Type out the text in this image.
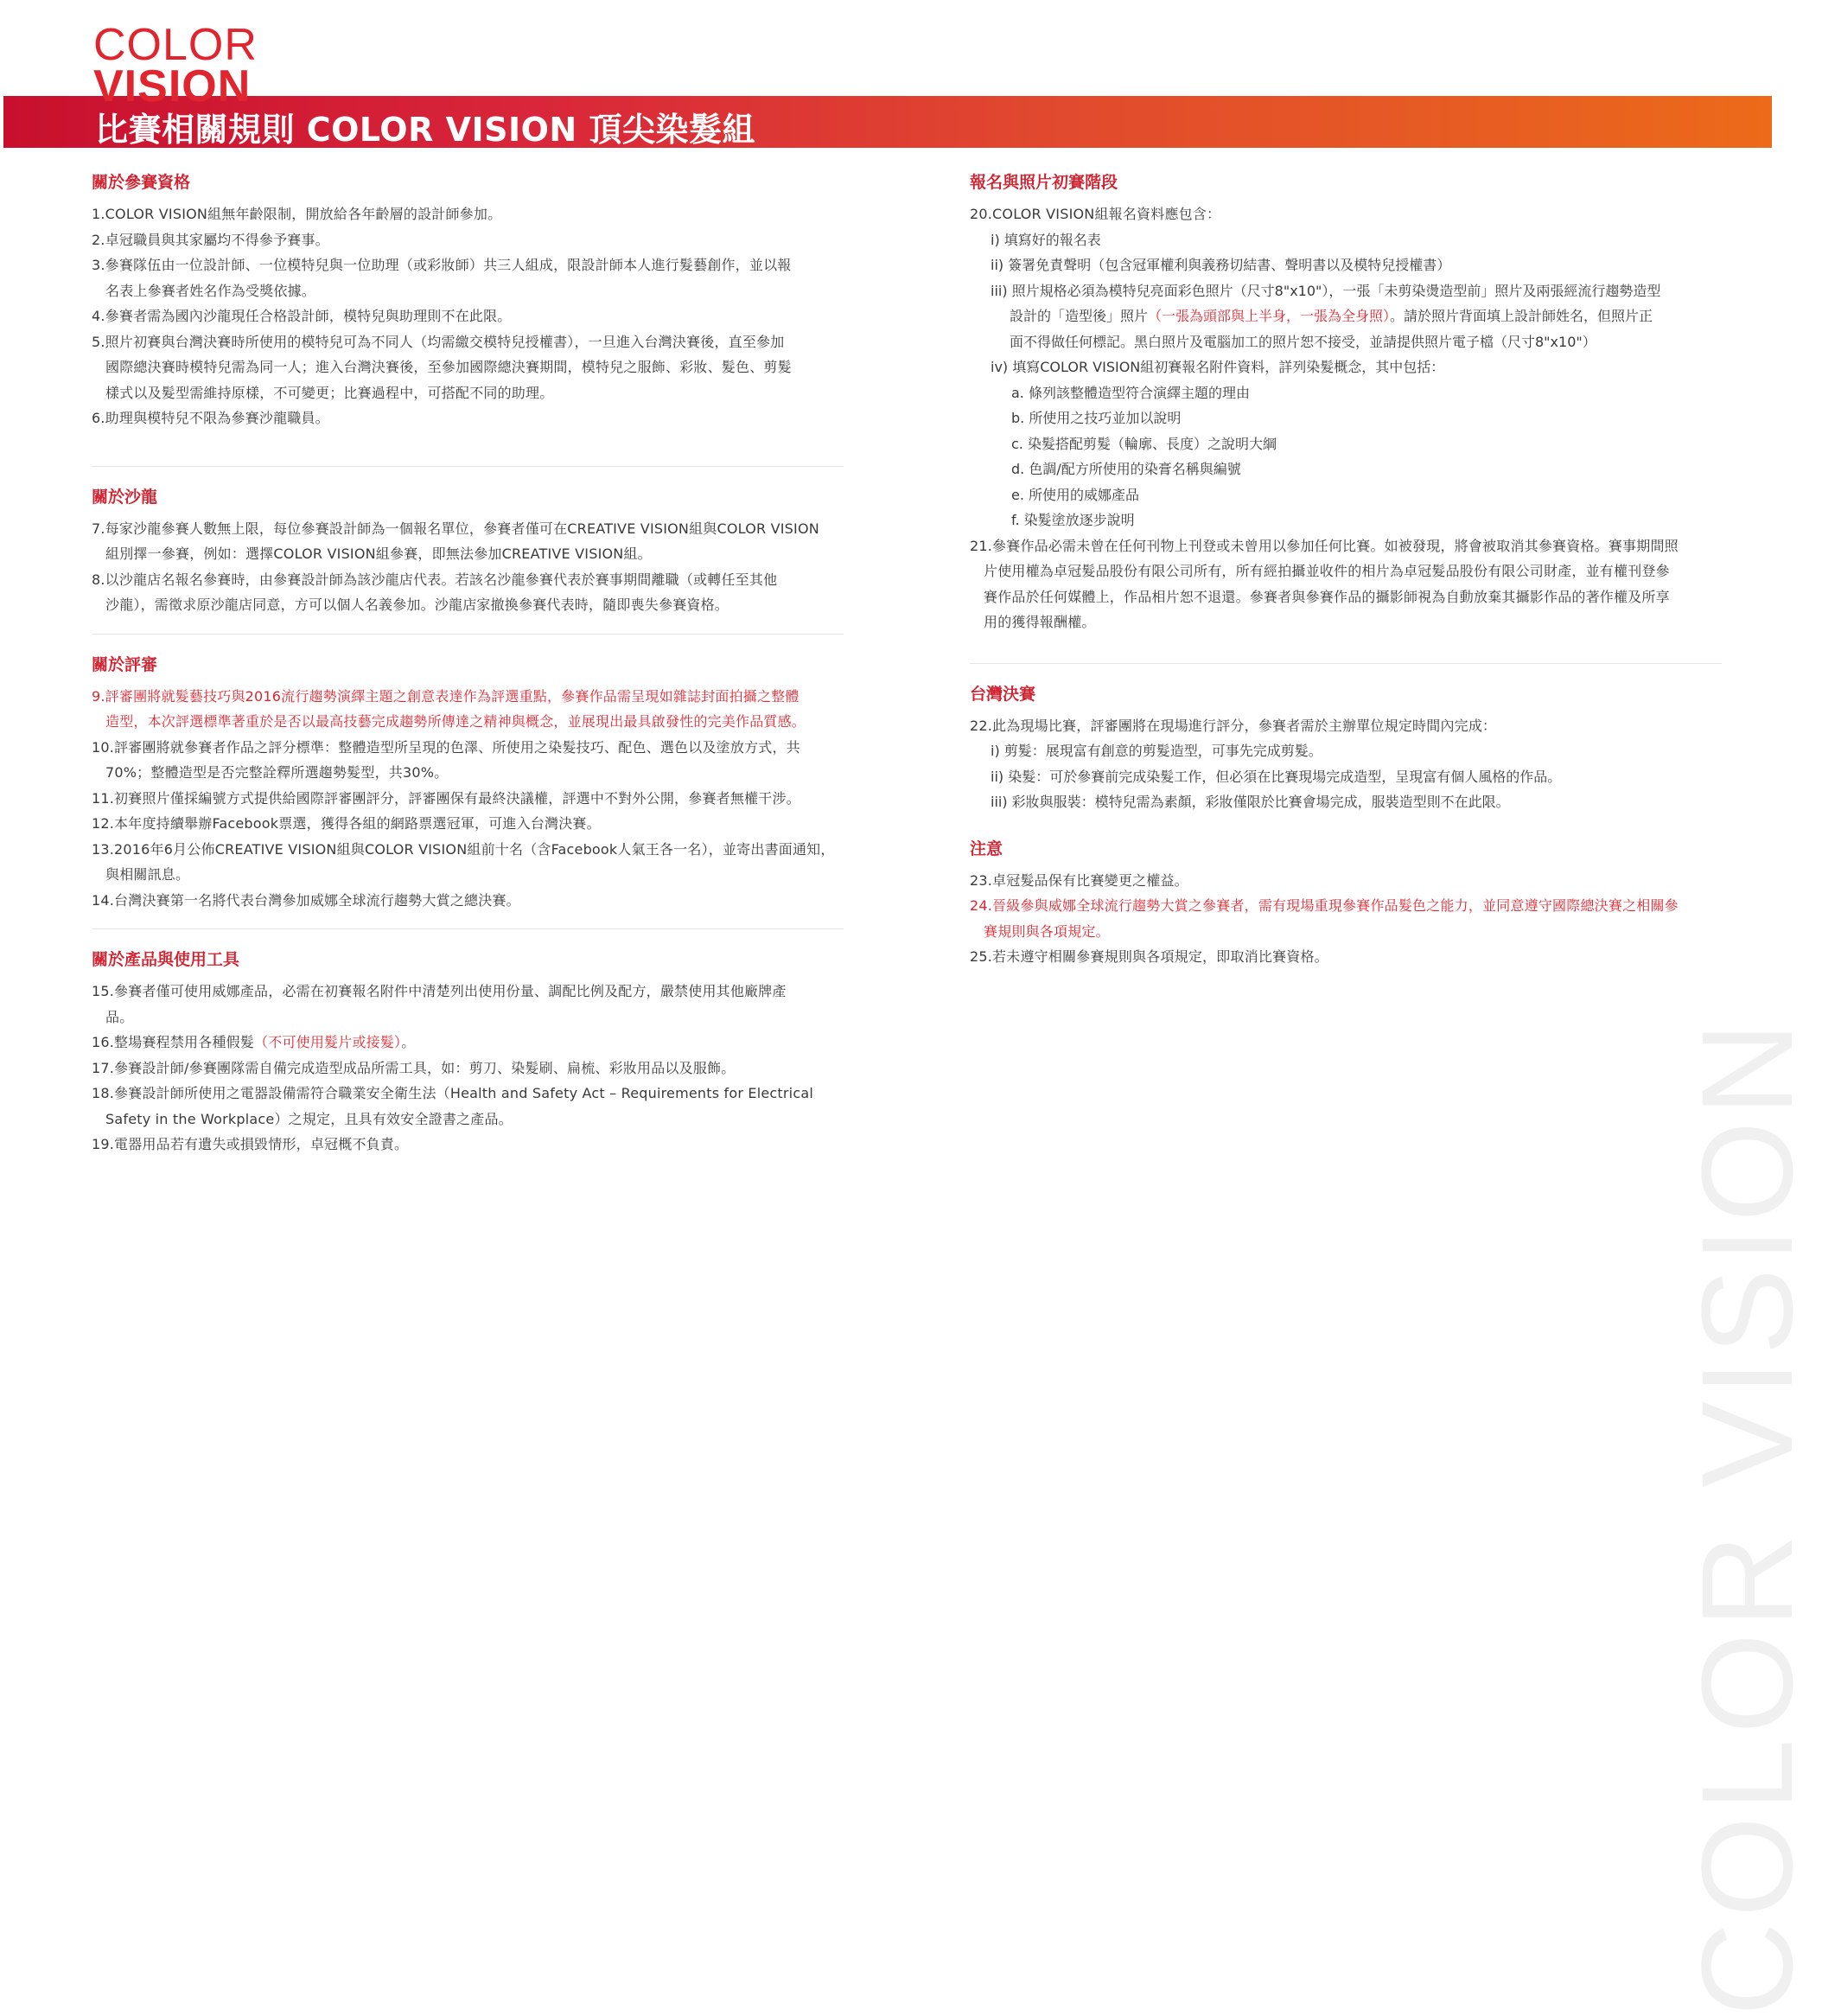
COLOR
VISION
比賽相關規則 COLOR VISION 頂尖染髮組
COLOR VISION
關於參賽資格
1.COLOR VISION組無年齡限制，開放給各年齡層的設計師參加。
2.卓冠職員與其家屬均不得參予賽事。
3.參賽隊伍由一位設計師、一位模特兒與一位助理（或彩妝師）共三人組成，限設計師本人進行髮藝創作，並以報
名表上參賽者姓名作為受獎依據。
4.參賽者需為國內沙龍現任合格設計師，模特兒與助理則不在此限。
5.照片初賽與台灣決賽時所使用的模特兒可為不同人（均需繳交模特兒授權書），一旦進入台灣決賽後，直至參加
國際總決賽時模特兒需為同一人；進入台灣決賽後，至參加國際總決賽期間，模特兒之服飾、彩妝、髮色、剪髮
樣式以及髮型需維持原樣，不可變更；比賽過程中，可搭配不同的助理。
6.助理與模特兒不限為參賽沙龍職員。
關於沙龍
7.每家沙龍參賽人數無上限，每位參賽設計師為一個報名單位，參賽者僅可在CREATIVE VISION組與COLOR VISION
組別擇一參賽，例如：選擇COLOR VISION組參賽，即無法參加CREATIVE VISION組。
8.以沙龍店名報名參賽時，由參賽設計師為該沙龍店代表。若該名沙龍參賽代表於賽事期間離職（或轉任至其他
沙龍），需徵求原沙龍店同意，方可以個人名義參加。沙龍店家撤換參賽代表時，隨即喪失參賽資格。
關於評審
9.評審團將就髮藝技巧與2016流行趨勢演繹主題之創意表達作為評選重點，參賽作品需呈現如雜誌封面拍攝之整體
造型，本次評選標準著重於是否以最高技藝完成趨勢所傳達之精神與概念，並展現出最具啟發性的完美作品質感。
10.評審團將就參賽者作品之評分標準：整體造型所呈現的色澤、所使用之染髮技巧、配色、選色以及塗放方式，共
70%；整體造型是否完整詮釋所選趨勢髮型，共30%。
11.初賽照片僅採編號方式提供給國際評審團評分，評審團保有最終決議權，評選中不對外公開，參賽者無權干涉。
12.本年度持續舉辦Facebook票選，獲得各組的網路票選冠軍，可進入台灣決賽。
13.2016年6月公佈CREATIVE VISION組與COLOR VISION組前十名（含Facebook人氣王各一名），並寄出書面通知，
與相關訊息。
14.台灣決賽第一名將代表台灣參加威娜全球流行趨勢大賞之總決賽。
關於產品與使用工具
15.參賽者僅可使用威娜產品，必需在初賽報名附件中清楚列出使用份量、調配比例及配方，嚴禁使用其他廠牌產
品。
16.整場賽程禁用各種假髮（不可使用髮片或接髮）。
17.參賽設計師/參賽團隊需自備完成造型成品所需工具，如：剪刀、染髮刷、扁梳、彩妝用品以及服飾。
18.參賽設計師所使用之電器設備需符合職業安全衛生法（Health and Safety Act – Requirements for Electrical
Safety in the Workplace）之規定，且具有效安全證書之產品。
19.電器用品若有遺失或損毀情形，卓冠概不負責。
報名與照片初賽階段
20.COLOR VISION組報名資料應包含：
i) 填寫好的報名表
ii) 簽署免責聲明（包含冠軍權利與義務切結書、聲明書以及模特兒授權書）
iii) 照片規格必須為模特兒亮面彩色照片（尺寸8"x10"），一張「未剪染燙造型前」照片及兩張經流行趨勢造型
設計的「造型後」照片（一張為頭部與上半身，一張為全身照）。請於照片背面填上設計師姓名，但照片正
面不得做任何標記。黑白照片及電腦加工的照片恕不接受，並請提供照片電子檔（尺寸8"x10"）
iv) 填寫COLOR VISION組初賽報名附件資料，詳列染髮概念，其中包括：
a. 條列該整體造型符合演繹主題的理由
b. 所使用之技巧並加以說明
c. 染髮搭配剪髮（輪廓、長度）之說明大綱
d. 色調/配方所使用的染膏名稱與編號
e. 所使用的威娜產品
f. 染髮塗放逐步說明
21.參賽作品必需未曾在任何刊物上刊登或未曾用以參加任何比賽。如被發現，將會被取消其參賽資格。賽事期間照
片使用權為卓冠髮品股份有限公司所有，所有經拍攝並收件的相片為卓冠髮品股份有限公司財產，並有權刊登參
賽作品於任何媒體上，作品相片恕不退還。參賽者與參賽作品的攝影師視為自動放棄其攝影作品的著作權及所享
用的獲得報酬權。
台灣決賽
22.此為現場比賽，評審團將在現場進行評分，參賽者需於主辦單位規定時間內完成：
i) 剪髮：展現富有創意的剪髮造型，可事先完成剪髮。
ii) 染髮：可於參賽前完成染髮工作，但必須在比賽現場完成造型，呈現富有個人風格的作品。
iii) 彩妝與服裝：模特兒需為素顏，彩妝僅限於比賽會場完成，服裝造型則不在此限。
注意
23.卓冠髮品保有比賽變更之權益。
24.晉級參與威娜全球流行趨勢大賞之參賽者，需有現場重現參賽作品髮色之能力，並同意遵守國際總決賽之相關參
賽規則與各項規定。
25.若未遵守相關參賽規則與各項規定，即取消比賽資格。
